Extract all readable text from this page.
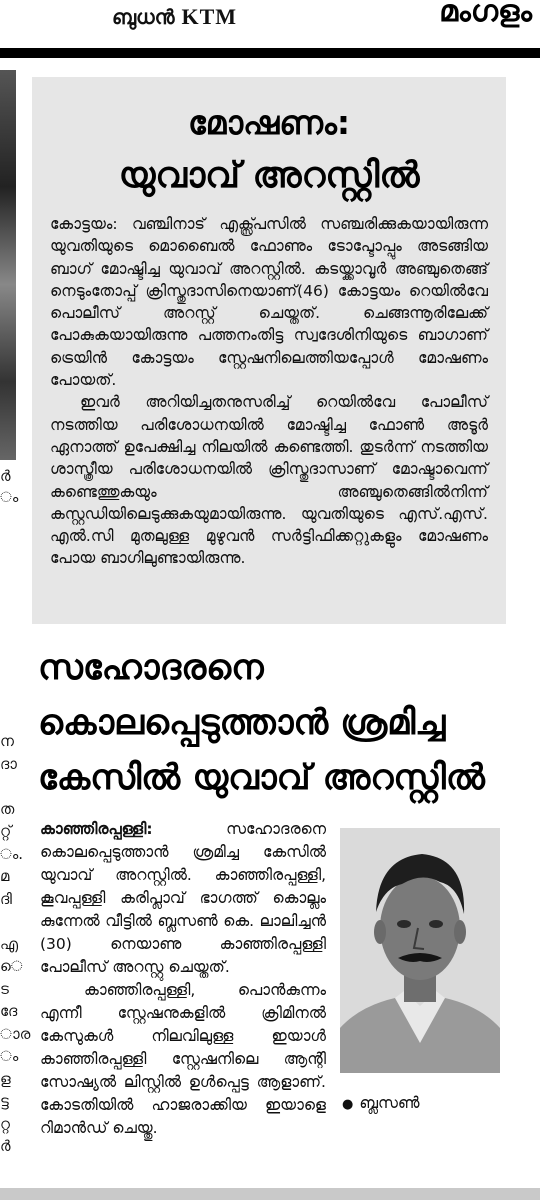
ബുധൻ KTM	മംഗളം
ർ
ം
ന
ദാ

ത
റ്റ്
ം.
മ
ദി

എ
െ
ട
ദേ
ാര
ം
ള
ട്ട
റ്റ
ർ
മോഷണം:
യുവാവ് അറസ്റ്റിൽ

കോട്ടയം: വഞ്ചിനാട് എക്സ്പ്രസിൽ സഞ്ചരിക്കുകയായിരുന്ന യുവതിയുടെ മൊബൈൽ ഫോണും ടോപ്ടോപ്പും അടങ്ങിയ ബാഗ് മോഷ്ടിച്ച യുവാവ് അറസ്റ്റിൽ. കടയ്ക്കാവൂർ അഞ്ചുതെങ്ങ് നെടുംതോപ്പ് ക്രിസ്തുദാസിനെയാണ്(46) കോട്ടയം റെയിൽവേ പൊലീസ് അറസ്റ്റ് ചെയ്തത്. ചെങ്ങന്നൂരിലേക്ക് പോകുകയായിരുന്നു പത്തനംതിട്ട സ്വദേശിനിയുടെ ബാഗാണ് ട്രെയിൻ കോട്ടയം സ്റ്റേഷനിലെത്തിയപ്പോൾ മോഷണം പോയത്.

ഇവർ അറിയിച്ചതനുസരിച്ച് റെയിൽവേ പോലീസ് നടത്തിയ പരിശോധനയിൽ മോഷ്ടിച്ച ഫോൺ അടൂർ ഏനാത്ത് ഉപേക്ഷിച്ച നിലയിൽ കണ്ടെത്തി. തുടർന്ന് നടത്തിയ ശാസ്ത്രീയ പരിശോധനയിൽ ക്രിസ്തുദാസാണ് മോഷ്ടാവെന്ന് കണ്ടെത്തുകയും അഞ്ചുതെങ്ങിൽനിന്ന് കസ്റ്റഡിയിലെടുക്കുകയുമായിരുന്നു. യുവതിയുടെ എസ്.എസ്. എൽ.സി മുതലുള്ള മുഴുവൻ സർട്ടിഫിക്കറ്റുകളും മോഷണം പോയ ബാഗിലുണ്ടായിരുന്നു.

സഹോദരനെ
കൊലപ്പെടുത്താൻ ശ്രമിച്ച
കേസിൽ യുവാവ് അറസ്റ്റിൽ

കാഞ്ഞിരപ്പള്ളി:	സഹോദരനെ കൊലപ്പെടുത്താൻ ശ്രമിച്ച കേസിൽ യുവാവ് അറസ്റ്റിൽ. കാഞ്ഞിരപ്പള്ളി, കൂവപ്പള്ളി കരിപ്ലാവ് ഭാഗത്ത് കൊല്ലം കുന്നേൽ വീട്ടിൽ ബ്ലസൺ കെ. ലാലിച്ചൻ (30) നെയാണു കാഞ്ഞിരപ്പള്ളി പോലീസ് അറസ്റ്റു ചെയ്തത്.

കാഞ്ഞിരപ്പള്ളി, പൊൻകുന്നം എന്നീ സ്റ്റേഷനുകളിൽ ക്രിമിനൽ കേസുകൾ നിലവിലുള്ള ഇയാൾ കാഞ്ഞിരപ്പള്ളി സ്റ്റേഷനിലെ ആന്റി സോഷ്യൽ ലിസ്റ്റിൽ ഉൾപ്പെട്ട ആളാണ്. കോടതിയിൽ ഹാജരാക്കിയ ഇയാളെ റിമാൻഡ് ചെയ്തു.

● ബ്ലസൺ
